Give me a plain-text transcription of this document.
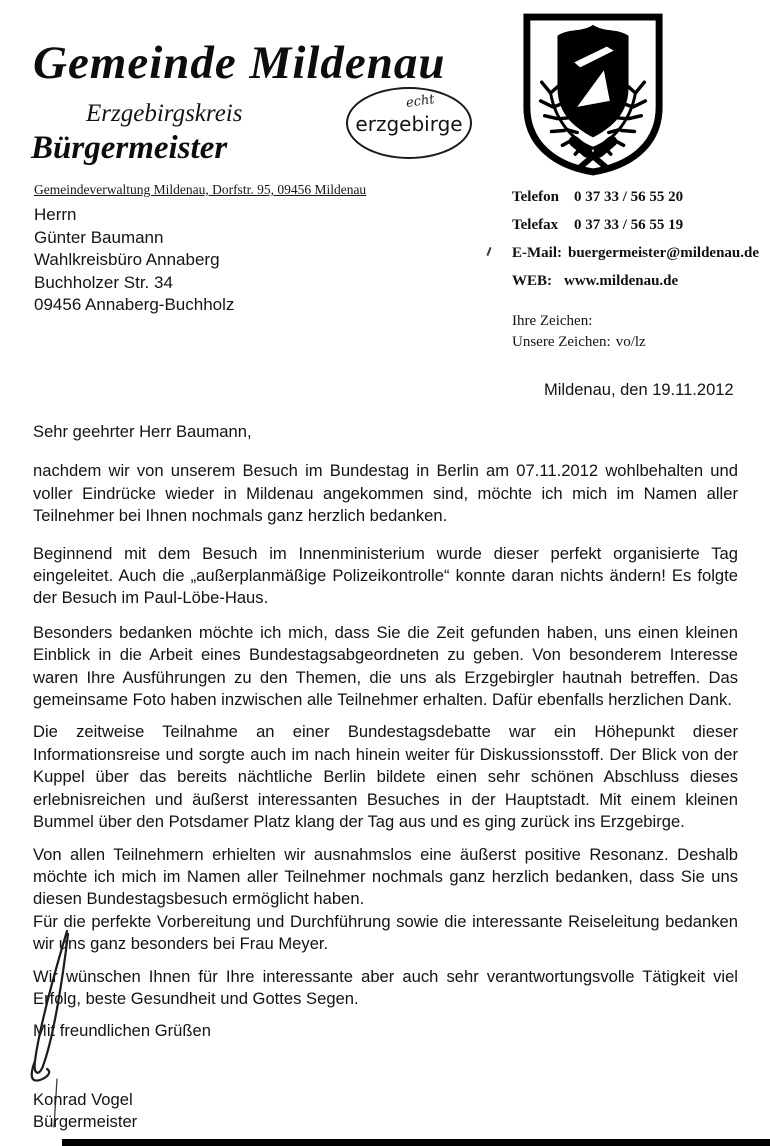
Gemeinde Mildenau
Erzgebirgskreis
Bürgermeister
Gemeindeverwaltung Mildenau, Dorfstr. 95, 09456 Mildenau
echt
erzgebirge
Herrn
Günter Baumann
Wahlkreisbüro Annaberg
Buchholzer Str. 34
09456 Annaberg-Buchholz
Telefon	0 37 33 / 56 55 20
Telefax	0 37 33 / 56 55 19
E-Mail: buergermeister@mildenau.de
WEB: www.mildenau.de
Ihre Zeichen:
Unsere Zeichen: vo/lz
Mildenau, den 19.11.2012

Sehr geehrter Herr Baumann,

nachdem wir von unserem Besuch im Bundestag in Berlin am 07.11.2012 wohlbehalten und voller Eindrücke wieder in Mildenau angekommen sind, möchte ich mich im Namen aller Teilnehmer bei Ihnen nochmals ganz herzlich bedanken.

Beginnend mit dem Besuch im Innenministerium wurde dieser perfekt organisierte Tag eingeleitet. Auch die „außerplanmäßige Polizeikontrolle“ konnte daran nichts ändern! Es folgte der Besuch im Paul-Löbe-Haus.

Besonders bedanken möchte ich mich, dass Sie die Zeit gefunden haben, uns einen kleinen Einblick in die Arbeit eines Bundestagsabgeordneten zu geben. Von besonderem Interesse waren Ihre Ausführungen zu den Themen, die uns als Erzgebirgler hautnah betreffen. Das gemeinsame Foto haben inzwischen alle Teilnehmer erhalten. Dafür ebenfalls herzlichen Dank.

Die zeitweise Teilnahme an einer Bundestagsdebatte war ein Höhepunkt dieser Informationsreise und sorgte auch im nach hinein weiter für Diskussionsstoff. Der Blick von der Kuppel über das bereits nächtliche Berlin bildete einen sehr schönen Abschluss dieses erlebnisreichen und äußerst interessanten Besuches in der Hauptstadt. Mit einem kleinen Bummel über den Potsdamer Platz klang der Tag aus und es ging zurück ins Erzgebirge.

Von allen Teilnehmern erhielten wir ausnahmslos eine äußerst positive Resonanz. Deshalb möchte ich mich im Namen aller Teilnehmer nochmals ganz herzlich bedanken, dass Sie uns diesen Bundestagsbesuch ermöglicht haben.

Für die perfekte Vorbereitung und Durchführung sowie die interessante Reiseleitung bedanken wir uns ganz besonders bei Frau Meyer.

Wir wünschen Ihnen für Ihre interessante aber auch sehr verantwortungsvolle Tätigkeit viel Erfolg, beste Gesundheit und Gottes Segen.

Mit freundlichen Grüßen

Konrad Vogel
Bürgermeister
